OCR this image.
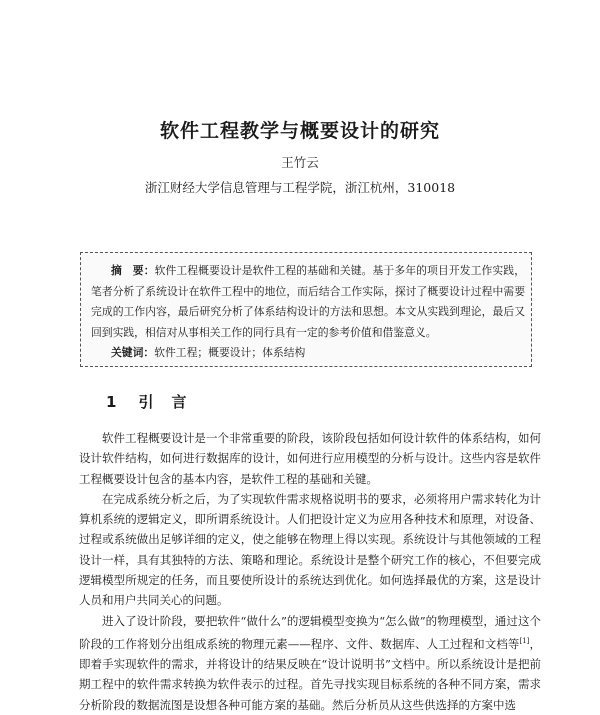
软件工程教学与概要设计的研究
王竹云
浙江财经大学信息管理与工程学院，浙江杭州，310018

摘　要：软件工程概要设计是软件工程的基础和关键。基于多年的项目开发工作实践，笔者分析了系统设计在软件工程中的地位，而后结合工作实际，探讨了概要设计过程中需要完成的工作内容，最后研究分析了体系结构设计的方法和思想。本文从实践到理论，最后又回到实践，相信对从事相关工作的同行具有一定的参考价值和借鉴意义。

关键词：软件工程；概要设计；体系结构

1 引言

软件工程概要设计是一个非常重要的阶段，该阶段包括如何设计软件的体系结构，如何设计软件结构，如何进行数据库的设计，如何进行应用模型的分析与设计。这些内容是软件工程概要设计包含的基本内容，是软件工程的基础和关键。

在完成系统分析之后，为了实现软件需求规格说明书的要求，必须将用户需求转化为计算机系统的逻辑定义，即所谓系统设计。人们把设计定义为应用各种技术和原理，对设备、过程或系统做出足够详细的定义，使之能够在物理上得以实现。系统设计与其他领域的工程设计一样，具有其独特的方法、策略和理论。系统设计是整个研究工作的核心，不但要完成逻辑模型所规定的任务，而且要使所设计的系统达到优化。如何选择最优的方案，这是设计人员和用户共同关心的问题。

进入了设计阶段，要把软件“做什么”的逻辑模型变换为“怎么做”的物理模型，通过这个阶段的工作将划分出组成系统的物理元素——程序、文件、数据库、人工过程和文档等[1]，即着手实现软件的需求，并将设计的结果反映在“设计说明书”文档中。所以系统设计是把前期工程中的软件需求转换为软件表示的过程。首先寻找实现目标系统的各种不同方案，需求分析阶段的数据流图是设想各种可能方案的基础。然后分析员从这些供选择的方案中选
